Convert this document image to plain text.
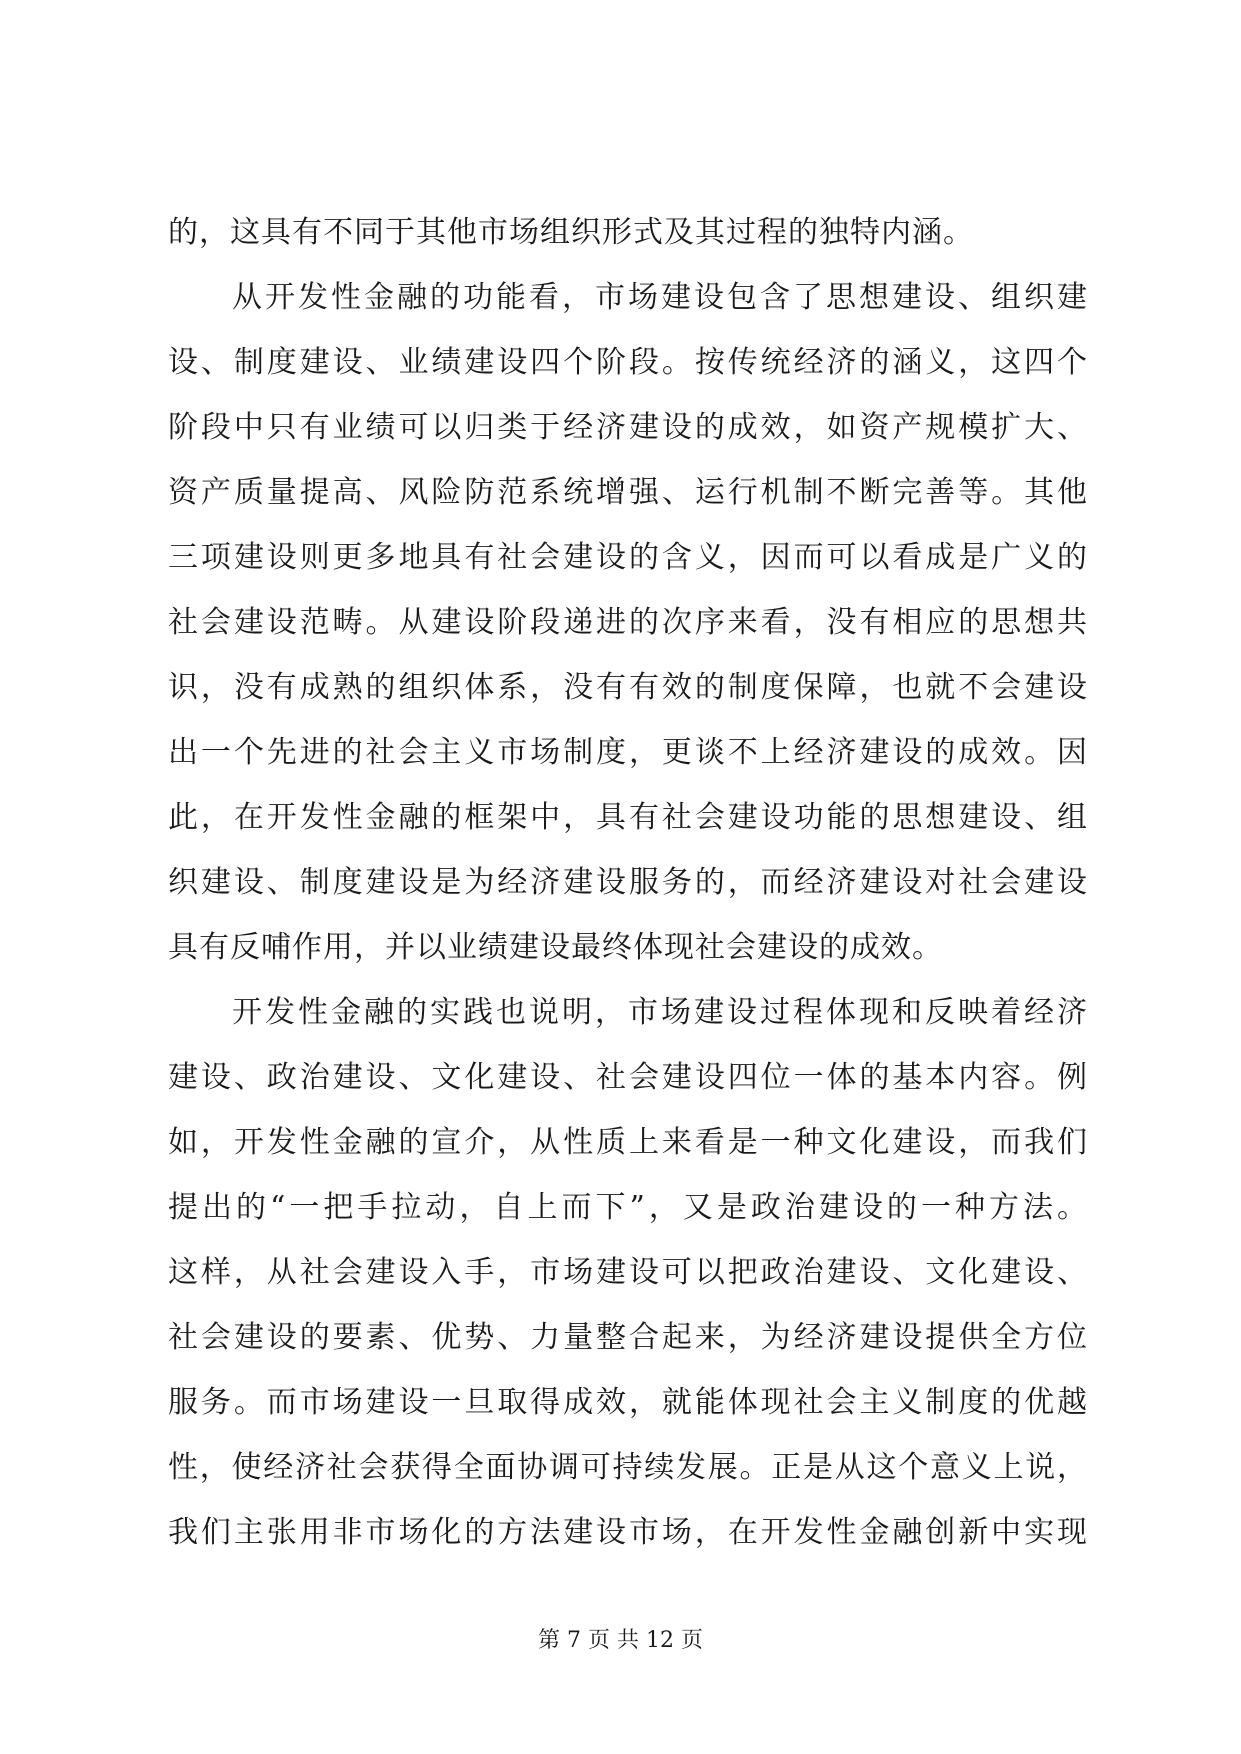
的，这具有不同于其他市场组织形式及其过程的独特内涵。
从开发性金融的功能看，市场建设包含了思想建设、组织建
设、制度建设、业绩建设四个阶段。按传统经济的涵义，这四个
阶段中只有业绩可以归类于经济建设的成效，如资产规模扩大、
资产质量提高、风险防范系统增强、运行机制不断完善等。其他
三项建设则更多地具有社会建设的含义，因而可以看成是广义的
社会建设范畴。从建设阶段递进的次序来看，没有相应的思想共
识，没有成熟的组织体系，没有有效的制度保障，也就不会建设
出一个先进的社会主义市场制度，更谈不上经济建设的成效。因
此，在开发性金融的框架中，具有社会建设功能的思想建设、组
织建设、制度建设是为经济建设服务的，而经济建设对社会建设
具有反哺作用，并以业绩建设最终体现社会建设的成效。
开发性金融的实践也说明，市场建设过程体现和反映着经济
建设、政治建设、文化建设、社会建设四位一体的基本内容。例
如，开发性金融的宣介，从性质上来看是一种文化建设，而我们
提出的“一把手拉动，自上而下”，又是政治建设的一种方法。
这样，从社会建设入手，市场建设可以把政治建设、文化建设、
社会建设的要素、优势、力量整合起来，为经济建设提供全方位
服务。而市场建设一旦取得成效，就能体现社会主义制度的优越
性，使经济社会获得全面协调可持续发展。正是从这个意义上说，
我们主张用非市场化的方法建设市场，在开发性金融创新中实现
第 7 页 共 12 页
